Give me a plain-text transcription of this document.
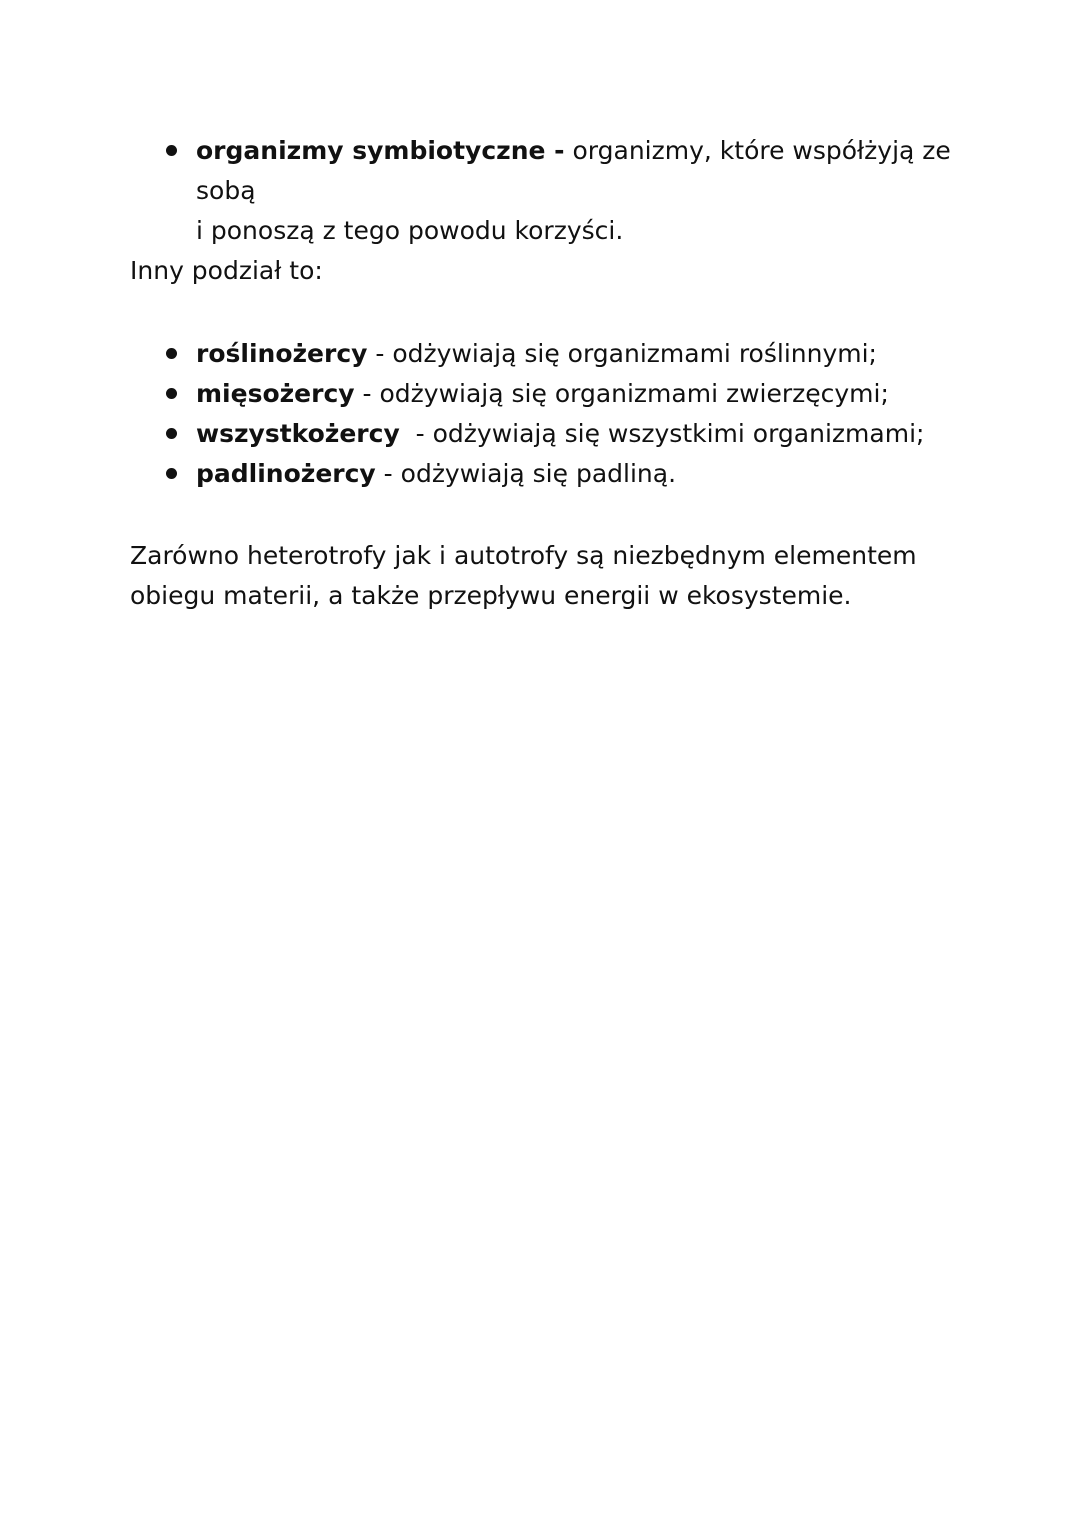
organizmy symbiotyczne - organizmy, które współżyją ze sobą
i ponoszą z tego powodu korzyści.

Inny podział to:

roślinożercy - odżywiają się organizmami roślinnymi;
mięsożercy - odżywiają się organizmami zwierzęcymi;
wszystkożercy  - odżywiają się wszystkimi organizmami;
padlinożercy - odżywiają się padliną.

Zarówno heterotrofy jak i autotrofy są niezbędnym elementem
obiegu materii, a także przepływu energii w ekosystemie.
